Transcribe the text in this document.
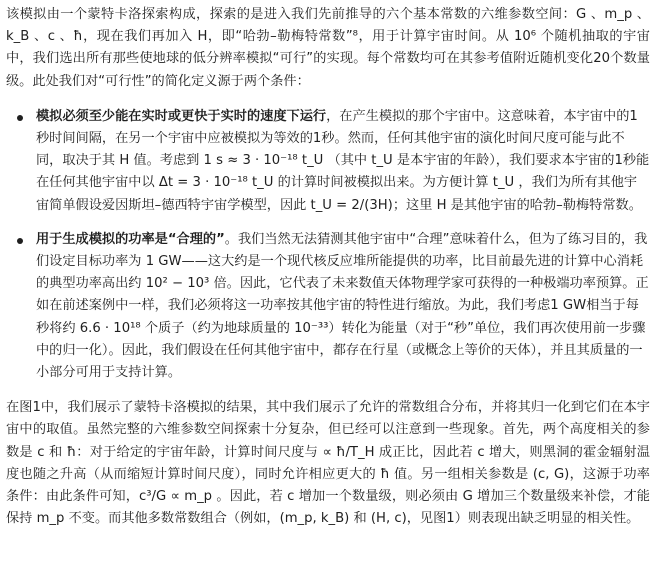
该模拟由一个蒙特卡洛探索构成，探索的是进入我们先前推导的六个基本常数的六维参数空间：G 、m_p 、k_B 、c 、ħ，现在我们再加入 H，即“哈勃–勒梅特常数”⁸，用于计算宇宙时间。从 10⁶ 个随机抽取的宇宙中，我们选出所有那些使地球的低分辨率模拟“可行”的实现。每个常数均可在其参考值附近随机变化20个数量级。此处我们对“可行性”的简化定义源于两个条件：

模拟必须至少能在实时或更快于实时的速度下运行，在产生模拟的那个宇宙中。这意味着，本宇宙中的1秒时间间隔，在另一个宇宙中应被模拟为等效的1秒。然而，任何其他宇宙的演化时间尺度可能与此不同，取决于其 H 值。考虑到 1 s ≈ 3 · 10⁻¹⁸ t_U （其中 t_U 是本宇宙的年龄），我们要求本宇宙的1秒能在任何其他宇宙中以 Δt = 3 · 10⁻¹⁸ t_U 的计算时间被模拟出来。为方便计算 t_U ，我们为所有其他宇宙简单假设爱因斯坦–德西特宇宙学模型，因此 t_U = 2/(3H)；这里 H 是其他宇宙的哈勃–勒梅特常数。
用于生成模拟的功率是“合理的”。我们当然无法猜测其他宇宙中“合理”意味着什么，但为了练习目的，我们设定目标功率为 1 GW——这大约是一个现代核反应堆所能提供的功率，比目前最先进的计算中心消耗的典型功率高出约 10² − 10³ 倍。因此，它代表了未来数值天体物理学家可获得的一种极端功率预算。正如在前述案例中一样，我们必须将这一功率按其他宇宙的特性进行缩放。为此，我们考虑1 GW相当于每秒将约 6.6 · 10¹⁸ 个质子（约为地球质量的 10⁻³³）转化为能量（对于“秒”单位，我们再次使用前一步骤中的归一化）。因此，我们假设在任何其他宇宙中，都存在行星（或概念上等价的天体），并且其质量的一小部分可用于支持计算。

在图1中，我们展示了蒙特卡洛模拟的结果，其中我们展示了允许的常数组合分布，并将其归一化到它们在本宇宙中的取值。虽然完整的六维参数空间探索十分复杂，但已经可以注意到一些现象。首先，两个高度相关的参数是 c 和 ħ：对于给定的宇宙年龄，计算时间尺度与 ∝ ħ/T_H 成正比，因此若 c 增大，则黑洞的霍金辐射温度也随之升高（从而缩短计算时间尺度），同时允许相应更大的 ħ 值。另一组相关参数是 (c, G)，这源于功率条件：由此条件可知，c³/G ∝ m_p 。因此，若 c 增加一个数量级，则必须由 G 增加三个数量级来补偿，才能保持 m_p 不变。而其他多数常数组合（例如，(m_p, k_B) 和 (H, c)，见图1）则表现出缺乏明显的相关性。
